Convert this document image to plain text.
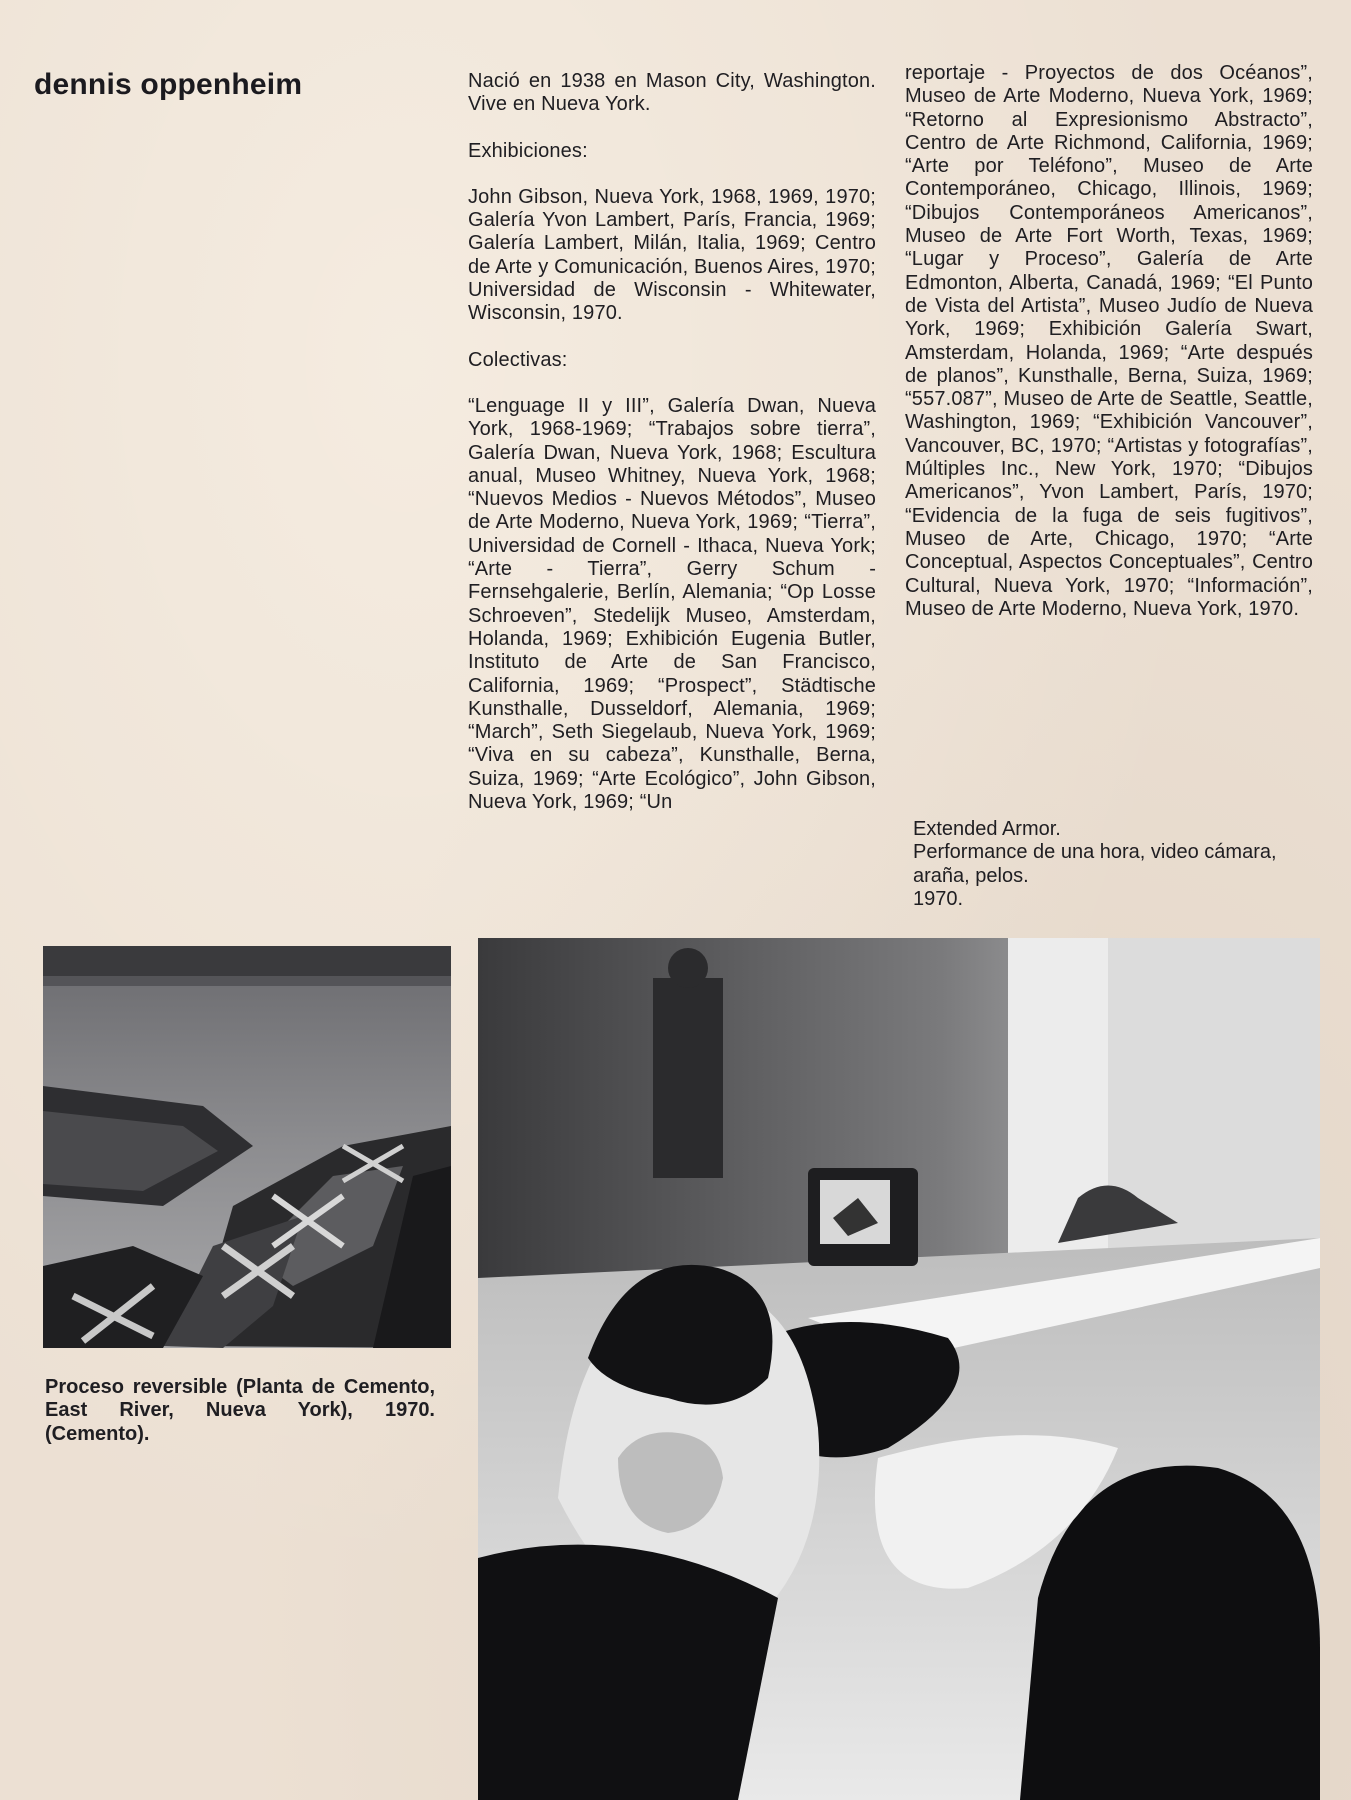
dennis oppenheim	Nació en 1938 en Mason City, Washington. Vive en Nueva York.

Exhibiciones:

John Gibson, Nueva York, 1968, 1969, 1970; Galería Yvon Lambert, París, Francia, 1969; Galería Lambert, Milán, Italia, 1969; Centro de Arte y Comunicación, Buenos Aires, 1970; Universidad de Wisconsin - Whitewater, Wisconsin, 1970.

Colectivas:

“Lenguage II y III”, Galería Dwan, Nueva York, 1968-1969; “Trabajos sobre tierra”, Galería Dwan, Nueva York, 1968; Escultura anual, Museo Whitney, Nueva York, 1968; “Nuevos Medios - Nuevos Métodos”, Museo de Arte Moderno, Nueva York, 1969; “Tierra”, Universidad de Cornell - Ithaca, Nueva York; “Arte - Tierra”, Gerry Schum - Fernsehgalerie, Berlín, Alemania; “Op Losse Schroeven”, Stedelijk Museo, Amsterdam, Holanda, 1969; Exhibición Eugenia Butler, Instituto de Arte de San Francisco, California, 1969; “Prospect”, Städtische Kunsthalle, Dusseldorf, Alemania, 1969; “March”, Seth Siegelaub, Nueva York, 1969; “Viva en su cabeza”, Kunsthalle, Berna, Suiza, 1969; “Arte Ecológico”, John Gibson, Nueva York, 1969; “Un

reportaje - Proyectos de dos Océanos”, Museo de Arte Moderno, Nueva York, 1969; “Retorno al Expresionismo Abstracto”, Centro de Arte Richmond, California, 1969; “Arte por Teléfono”, Museo de Arte Contemporáneo, Chicago, Illinois, 1969; “Dibujos Contemporáneos Americanos”, Museo de Arte Fort Worth, Texas, 1969; “Lugar y Proceso”, Galería de Arte Edmonton, Alberta, Canadá, 1969; “El Punto de Vista del Artista”, Museo Judío de Nueva York, 1969; Exhibición Galería Swart, Amsterdam, Holanda, 1969; “Arte después de planos”, Kunsthalle, Berna, Suiza, 1969; “557.087”, Museo de Arte de Seattle, Seattle, Washington, 1969; “Exhibición Vancouver”, Vancouver, BC, 1970; “Artistas y fotografías”, Múltiples Inc., New York, 1970; “Dibujos Americanos”, Yvon Lambert, París, 1970; “Evidencia de la fuga de seis fugitivos”, Museo de Arte, Chicago, 1970; “Arte Conceptual, Aspectos Conceptuales”, Centro Cultural, Nueva York, 1970; “Información”, Museo de Arte Moderno, Nueva York, 1970.

Extended Armor.
Performance de una hora, video cámara, araña, pelos.
1970.
Proceso reversible (Planta de Cemento, East River, Nueva York), 1970. (Cemento).
